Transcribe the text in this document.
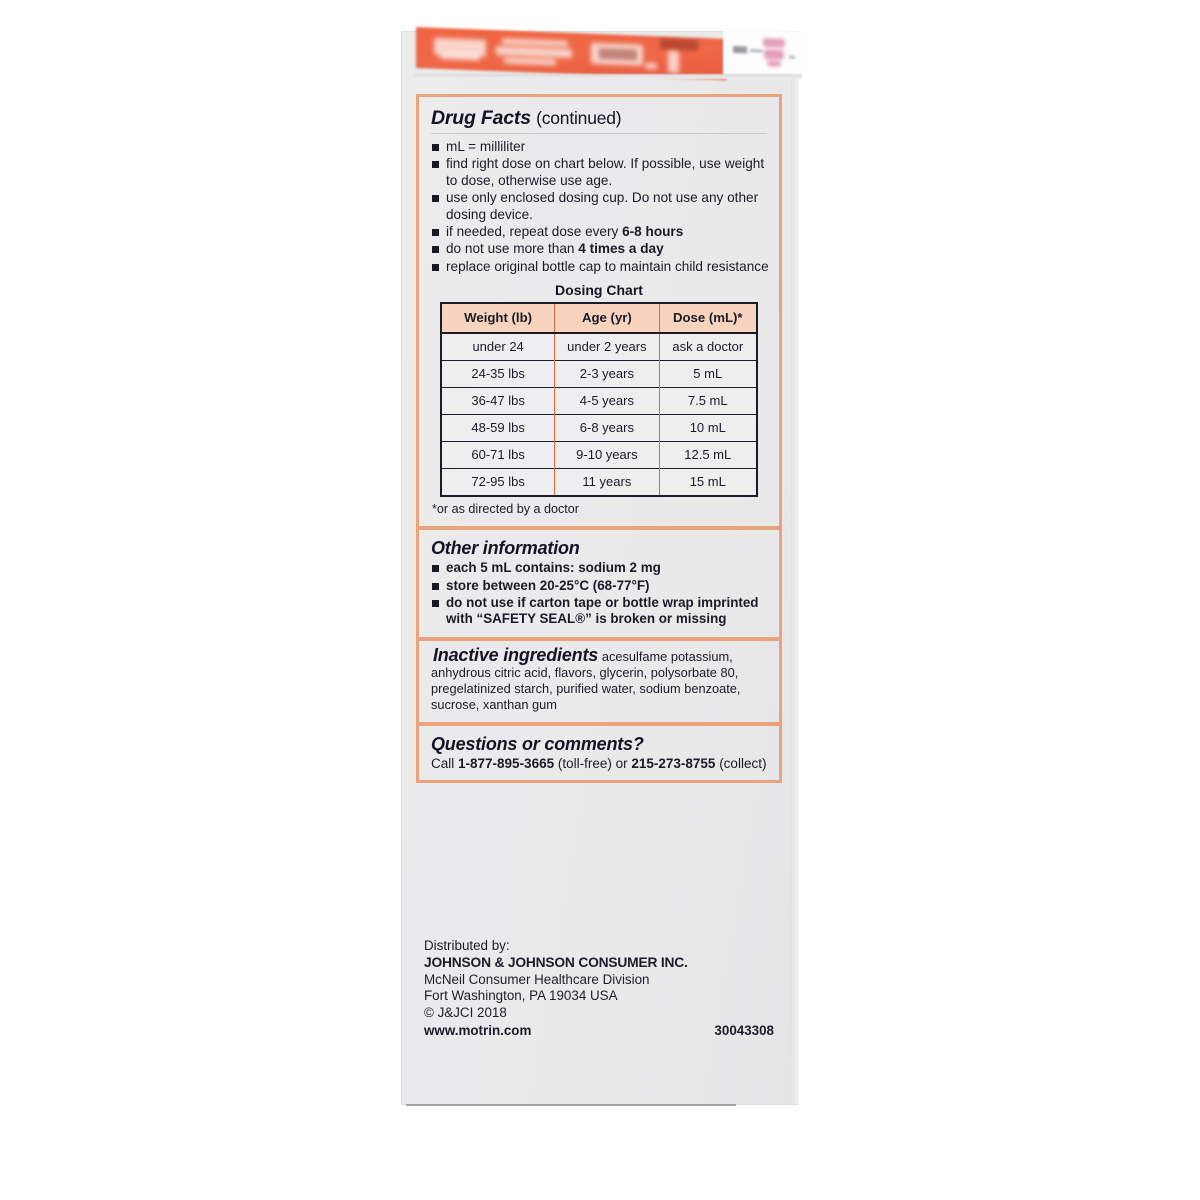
Drug Facts (continued)
mL = milliliter
find right dose on chart below. If possible, use weight to dose, otherwise use age.
use only enclosed dosing cup. Do not use any other dosing device.
if needed, repeat dose every 6-8 hours
do not use more than 4 times a day
replace original bottle cap to maintain child resistance
Dosing Chart
Weight (lb)	Age (yr)	Dose (mL)*
under 24	under 2 years	ask a doctor
24-35 lbs	2-3 years	5 mL
36-47 lbs	4-5 years	7.5 mL
48-59 lbs	6-8 years	10 mL
60-71 lbs	9-10 years	12.5 mL
72-95 lbs	11 years	15 mL

*or as directed by a doctor

Other information
each 5 mL contains: sodium 2 mg
store between 20-25°C (68-77°F)
do not use if carton tape or bottle wrap imprinted with “SAFETY SEAL®” is broken or missing

Inactive ingredients acesulfame potassium, anhydrous citric acid, flavors, glycerin, polysorbate 80, pregelatinized starch, purified water, sodium benzoate, sucrose, xanthan gum

Questions or comments?

Call 1-877-895-3665 (toll-free) or 215-273-8755 (collect)

Distributed by:
JOHNSON & JOHNSON CONSUMER INC.
McNeil Consumer Healthcare Division
Fort Washington, PA 19034 USA
© J&JCI 2018
www.motrin.com	30043308
